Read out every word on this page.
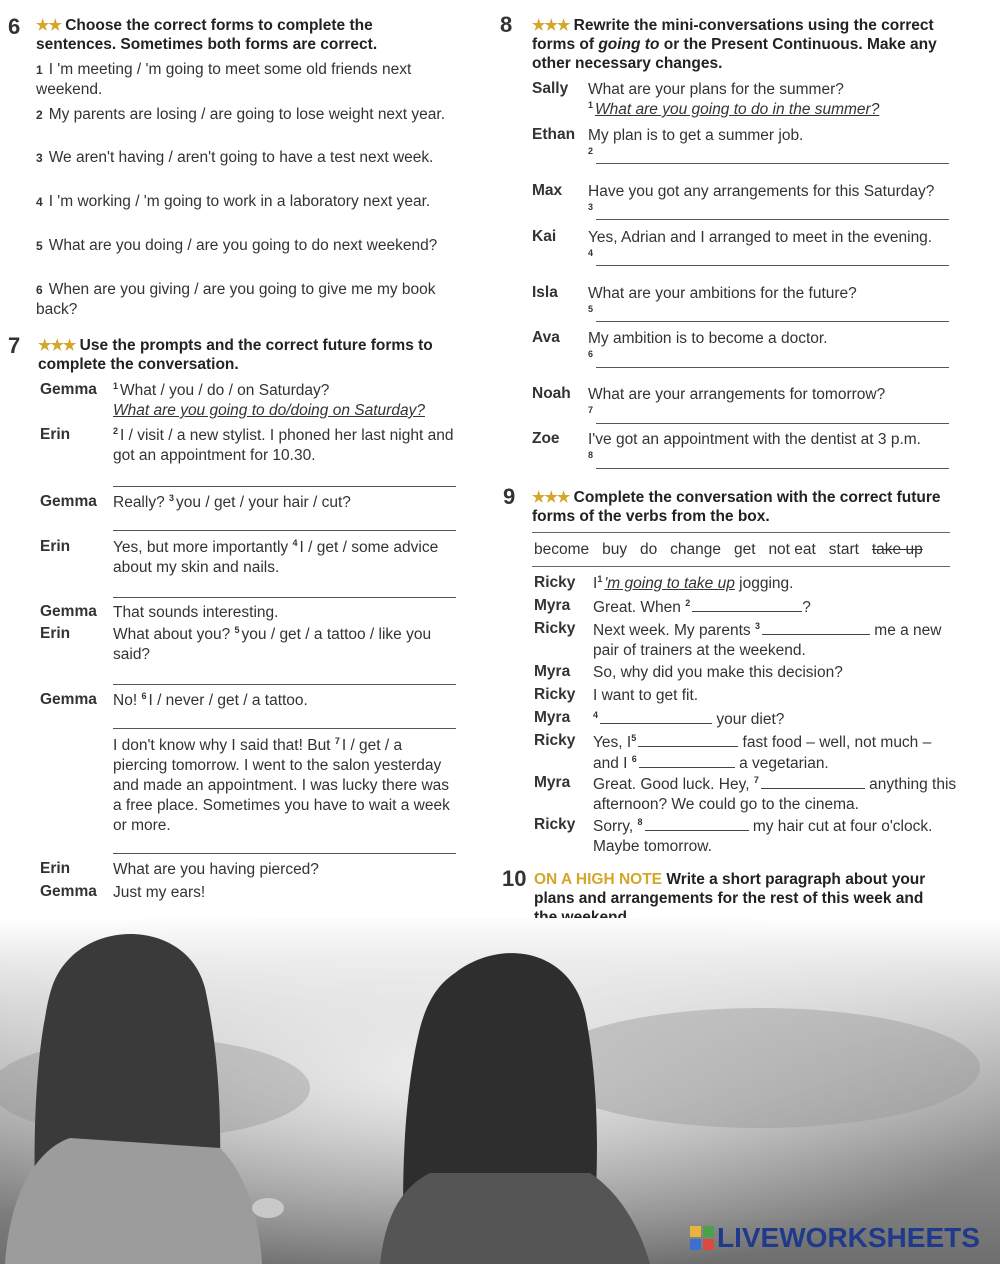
6 ★★ Choose the correct forms to complete the sentences. Sometimes both forms are correct.
1 I 'm meeting / 'm going to meet some old friends next weekend.
2 My parents are losing / are going to lose weight next year.
3 We aren't having / aren't going to have a test next week.
4 I 'm working / 'm going to work in a laboratory next year.
5 What are you doing / are you going to do next weekend?
6 When are you giving / are you going to give me my book back?
7 ★★★ Use the prompts and the correct future forms to complete the conversation.
Gemma $^1$ What / you / do / on Saturday?
What are you going to do/doing on Saturday?
Erin	$^2$ I / visit / a new stylist. I phoned her last night and got an appointment for 10.30.
Gemma Really? $^3$ you / get / your hair / cut?
Erin	Yes, but more importantly $^4$ I / get / some advice about my skin and nails.
Gemma That sounds interesting.
Erin	What about you? $^5$ you / get / a tattoo / like you said?
Gemma No! $^6$ I / never / get / a tattoo.
I don't know why I said that! But $^7$ I / get / a piercing tomorrow. I went to the salon yesterday and made an appointment. I was lucky there was a free place. Sometimes you have to wait a week or more.
Erin	What are you having pierced?
Gemma Just my ears!
8 ★★★ Rewrite the mini-conversations using the correct forms of going to or the Present Continuous. Make any other necessary changes.
Sally What are your plans for the summer?
$^1$ What are you going to do in the summer?
Ethan My plan is to get a summer job.
$^2$
Max Have you got any arrangements for this Saturday?
$^3$
Kai Yes, Adrian and I arranged to meet in the evening.
$^4$
Isla What are your ambitions for the future?
$^5$
Ava My ambition is to become a doctor.
$^6$
Noah What are your arrangements for tomorrow?
$^7$
Zoe I've got an appointment with the dentist at 3 p.m.
$^8$
9 ★★★ Complete the conversation with the correct future forms of the verbs from the box.
become buy do change get not eat start take up
Ricky $I^1$ 'm going to take up jogging.
Myra Great. When $^2$	?
Ricky Next week. My parents $^3$	me a new pair of trainers at the weekend.
Myra So, why did you make this decision?
Ricky I want to get fit.
Myra	$^4$	your diet?
Ricky Yes, $I^5$	fast food – well, not much – and I $^6$	a vegetarian.
Myra Great. Good luck. Hey, $^7$	anything this afternoon? We could go to the cinema.
Ricky Sorry, $^8$	my hair cut at four o'clock. Maybe tomorrow.
10 ON A HIGH NOTE Write a short paragraph about your plans and arrangements for the rest of this week and
LIVEWORKSHEETS
